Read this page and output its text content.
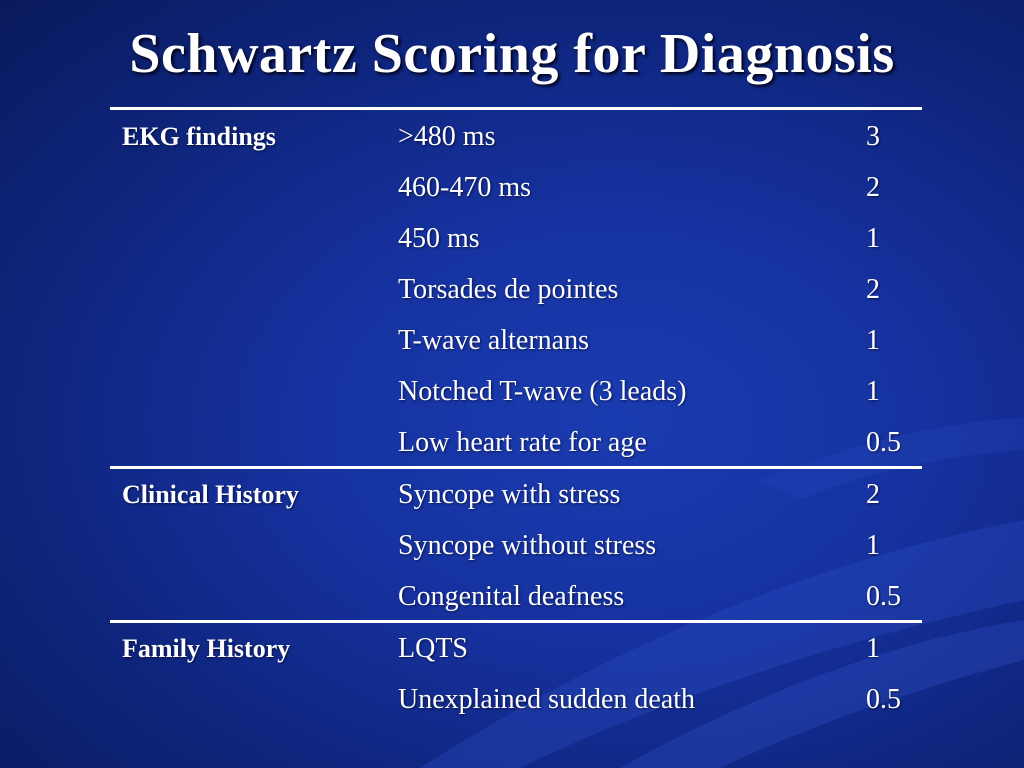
Schwartz Scoring for Diagnosis
EKG findings	>480 ms	3
460-470 ms	2
450 ms	1
Torsades de pointes	2
T-wave alternans	1
Notched T-wave (3 leads)	1
Low heart rate for age	0.5
Clinical History	Syncope with stress	2
Syncope without stress	1
Congenital deafness	0.5
Family History	LQTS	1
Unexplained sudden death	0.5
